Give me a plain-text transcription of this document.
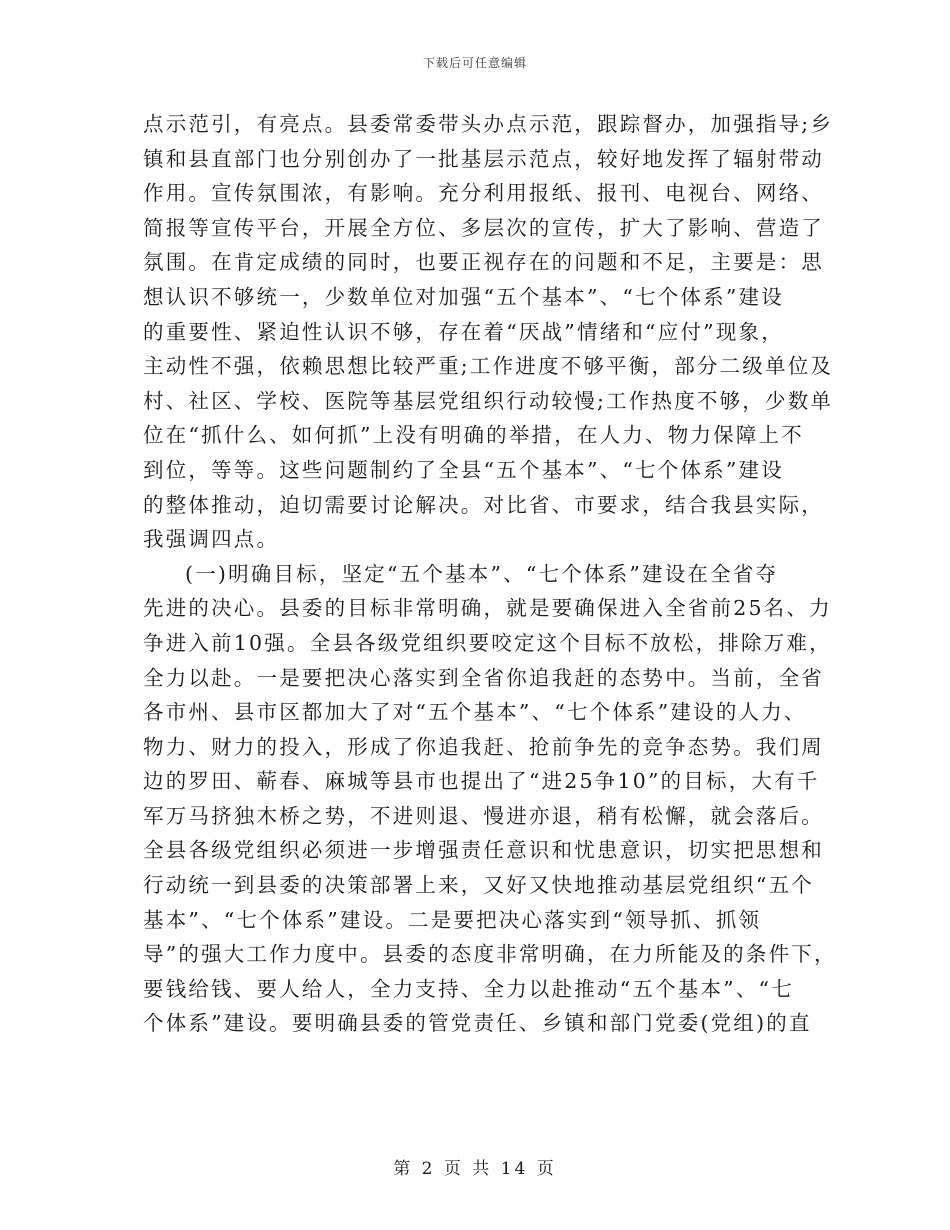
下载后可任意编辑
点示范引，有亮点。县委常委带头办点示范，跟踪督办，加强指导;乡
镇和县直部门也分别创办了一批基层示范点，较好地发挥了辐射带动
作用。宣传氛围浓，有影响。充分利用报纸、报刊、电视台、网络、
简报等宣传平台，开展全方位、多层次的宣传，扩大了影响、营造了
氛围。在肯定成绩的同时，也要正视存在的问题和不足，主要是：思
想认识不够统一，少数单位对加强“五个基本”、“七个体系”建设
的重要性、紧迫性认识不够，存在着“厌战”情绪和“应付”现象，
主动性不强，依赖思想比较严重;工作进度不够平衡，部分二级单位及
村、社区、学校、医院等基层党组织行动较慢;工作热度不够，少数单
位在“抓什么、如何抓”上没有明确的举措，在人力、物力保障上不
到位，等等。这些问题制约了全县“五个基本”、“七个体系”建设
的整体推动，迫切需要讨论解决。对比省、市要求，结合我县实际，
我强调四点。
(一)明确目标，坚定“五个基本”、“七个体系”建设在全省夺
先进的决心。县委的目标非常明确，就是要确保进入全省前25名、力
争进入前10强。全县各级党组织要咬定这个目标不放松，排除万难，
全力以赴。一是要把决心落实到全省你追我赶的态势中。当前，全省
各市州、县市区都加大了对“五个基本”、“七个体系”建设的人力、
物力、财力的投入，形成了你追我赶、抢前争先的竞争态势。我们周
边的罗田、蕲春、麻城等县市也提出了“进25争10”的目标，大有千
军万马挤独木桥之势，不进则退、慢进亦退，稍有松懈，就会落后。
全县各级党组织必须进一步增强责任意识和忧患意识，切实把思想和
行动统一到县委的决策部署上来，又好又快地推动基层党组织“五个
基本”、“七个体系”建设。二是要把决心落实到“领导抓、抓领
导”的强大工作力度中。县委的态度非常明确，在力所能及的条件下，
要钱给钱、要人给人，全力支持、全力以赴推动“五个基本”、“七
个体系”建设。要明确县委的管党责任、乡镇和部门党委(党组)的直
第 2 页 共 14 页
